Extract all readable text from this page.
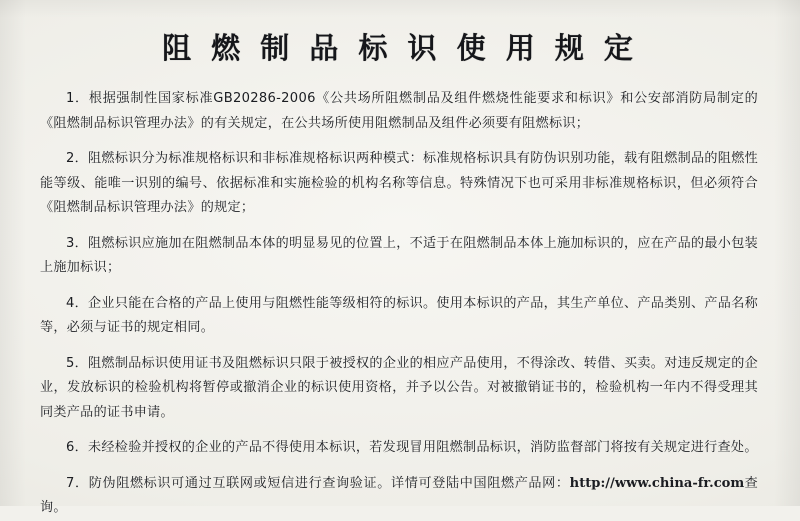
阻 燃 制 品 标 识 使 用 规 定

1．根据强制性国家标准GB20286-2006《公共场所阻燃制品及组件燃烧性能要求和标识》和公安部消防局制定的《阻燃制品标识管理办法》的有关规定，在公共场所使用阻燃制品及组件必须要有阻燃标识；

2．阻燃标识分为标准规格标识和非标准规格标识两种模式：标准规格标识具有防伪识别功能，载有阻燃制品的阻燃性能等级、能唯一识别的编号、依据标准和实施检验的机构名称等信息。特殊情况下也可采用非标准规格标识，但必须符合《阻燃制品标识管理办法》的规定；

3．阻燃标识应施加在阻燃制品本体的明显易见的位置上，不适于在阻燃制品本体上施加标识的，应在产品的最小包装上施加标识；

4．企业只能在合格的产品上使用与阻燃性能等级相符的标识。使用本标识的产品，其生产单位、产品类别、产品名称等，必须与证书的规定相同。

5．阻燃制品标识使用证书及阻燃标识只限于被授权的企业的相应产品使用，不得涂改、转借、买卖。对违反规定的企业，发放标识的检验机构将暂停或撤消企业的标识使用资格，并予以公告。对被撤销证书的，检验机构一年内不得受理其同类产品的证书申请。

6．未经检验并授权的企业的产品不得使用本标识，若发现冒用阻燃制品标识，消防监督部门将按有关规定进行查处。

7．防伪阻燃标识可通过互联网或短信进行查询验证。详情可登陆中国阻燃产品网：http://www.china-fr.com查询。
